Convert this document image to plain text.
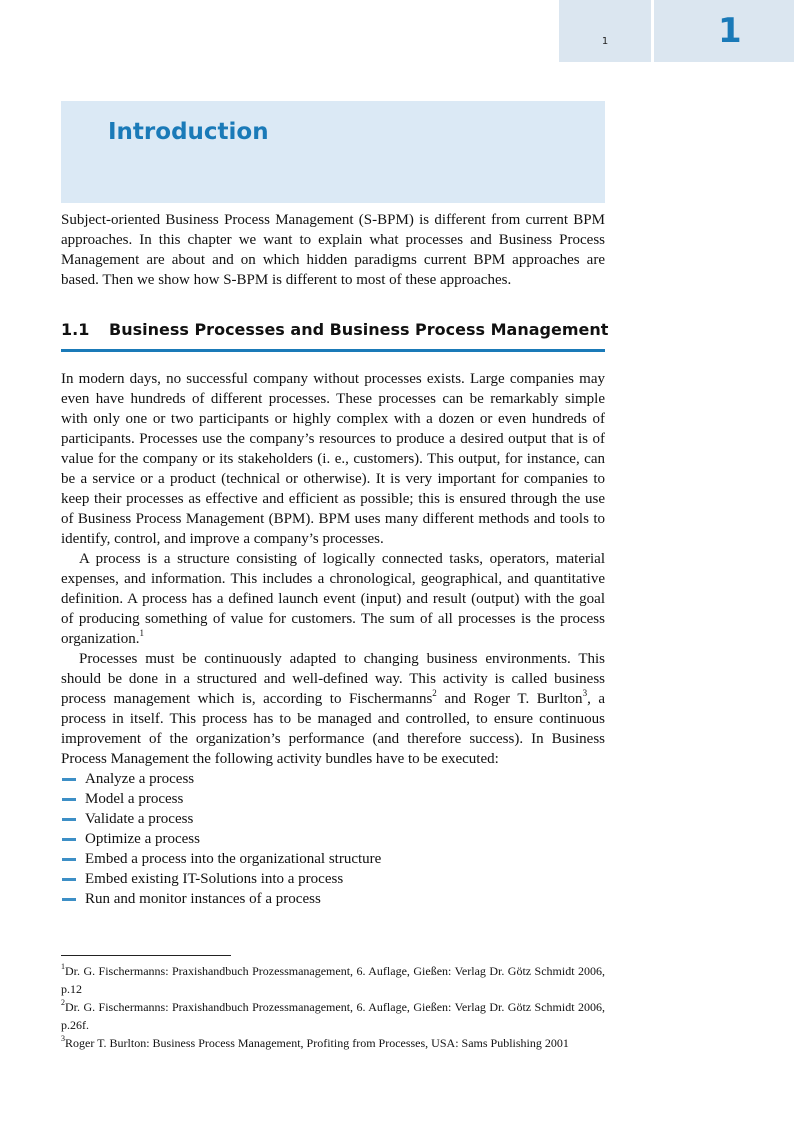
1	1
Introduction

Subject-oriented Business Process Management (S-BPM) is different from current BPM approaches. In this chapter we want to explain what processes and Business Process Management are about and on which hidden paradigms current BPM approaches are based. Then we show how S-BPM is different to most of these approaches.

1.1 Business Processes and Business Process Management

In modern days, no successful company without processes exists. Large companies may even have hundreds of different processes. These processes can be remarkably simple with only one or two participants or highly complex with a dozen or even hundreds of participants. Processes use the company’s resources to produce a desired output that is of value for the company or its stakeholders (i. e., customers). This output, for instance, can be a service or a product (technical or otherwise). It is very important for companies to keep their processes as effective and efficient as possible; this is ensured through the use of Business Process Management (BPM). BPM uses many different methods and tools to identify, control, and improve a company’s processes.

A process is a structure consisting of logically connected tasks, operators, material expenses, and information. This includes a chronological, geographical, and quantitative definition. A process has a defined launch event (input) and result (output) with the goal of producing something of value for customers. The sum of all processes is the process organization.$^1$

Processes must be continuously adapted to changing business environments. This should be done in a structured and well-defined way. This activity is called business process management which is, according to Fischermanns$^2$ and Roger T. Burlton$^3$, a process in itself. This process has to be managed and controlled, to ensure continuous improvement of the organization’s performance (and therefore success). In Business Process Management the following activity bundles have to be executed:

Analyze a process
Model a process
Validate a process
Optimize a process
Embed a process into the organizational structure
Embed existing IT-Solutions into a process
Run and monitor instances of a process

$^1$Dr. G. Fischermanns: Praxishandbuch Prozessmanagement, 6. Auflage, Gießen: Verlag Dr. Götz Schmidt 2006, p.12

$^2$Dr. G. Fischermanns: Praxishandbuch Prozessmanagement, 6. Auflage, Gießen: Verlag Dr. Götz Schmidt 2006, p.26f.

$^3$Roger T. Burlton: Business Process Management, Profiting from Processes, USA: Sams Publishing 2001
